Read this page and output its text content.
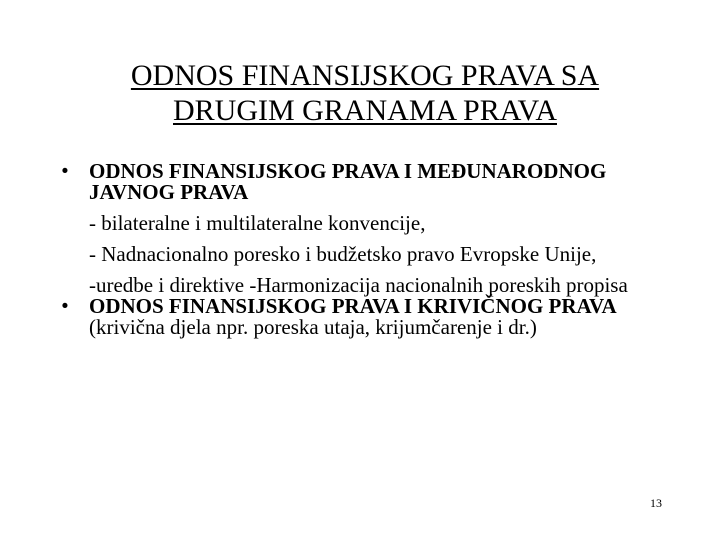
ODNOS FINANSIJSKOG PRAVA SA
DRUGIM GRANAMA PRAVA
• ODNOS FINANSIJSKOG PRAVA I MEĐUNARODNOG JAVNOG PRAVA
- bilateralne i multilateralne konvencije,
- Nadnacionalno poresko i budžetsko pravo Evropske Unije,
-uredbe i direktive -Harmonizacija nacionalnih poreskih propisa
• ODNOS FINANSIJSKOG PRAVA I KRIVIČNOG PRAVA (krivična djela npr. poreska utaja, krijumčarenje i dr.)
13
